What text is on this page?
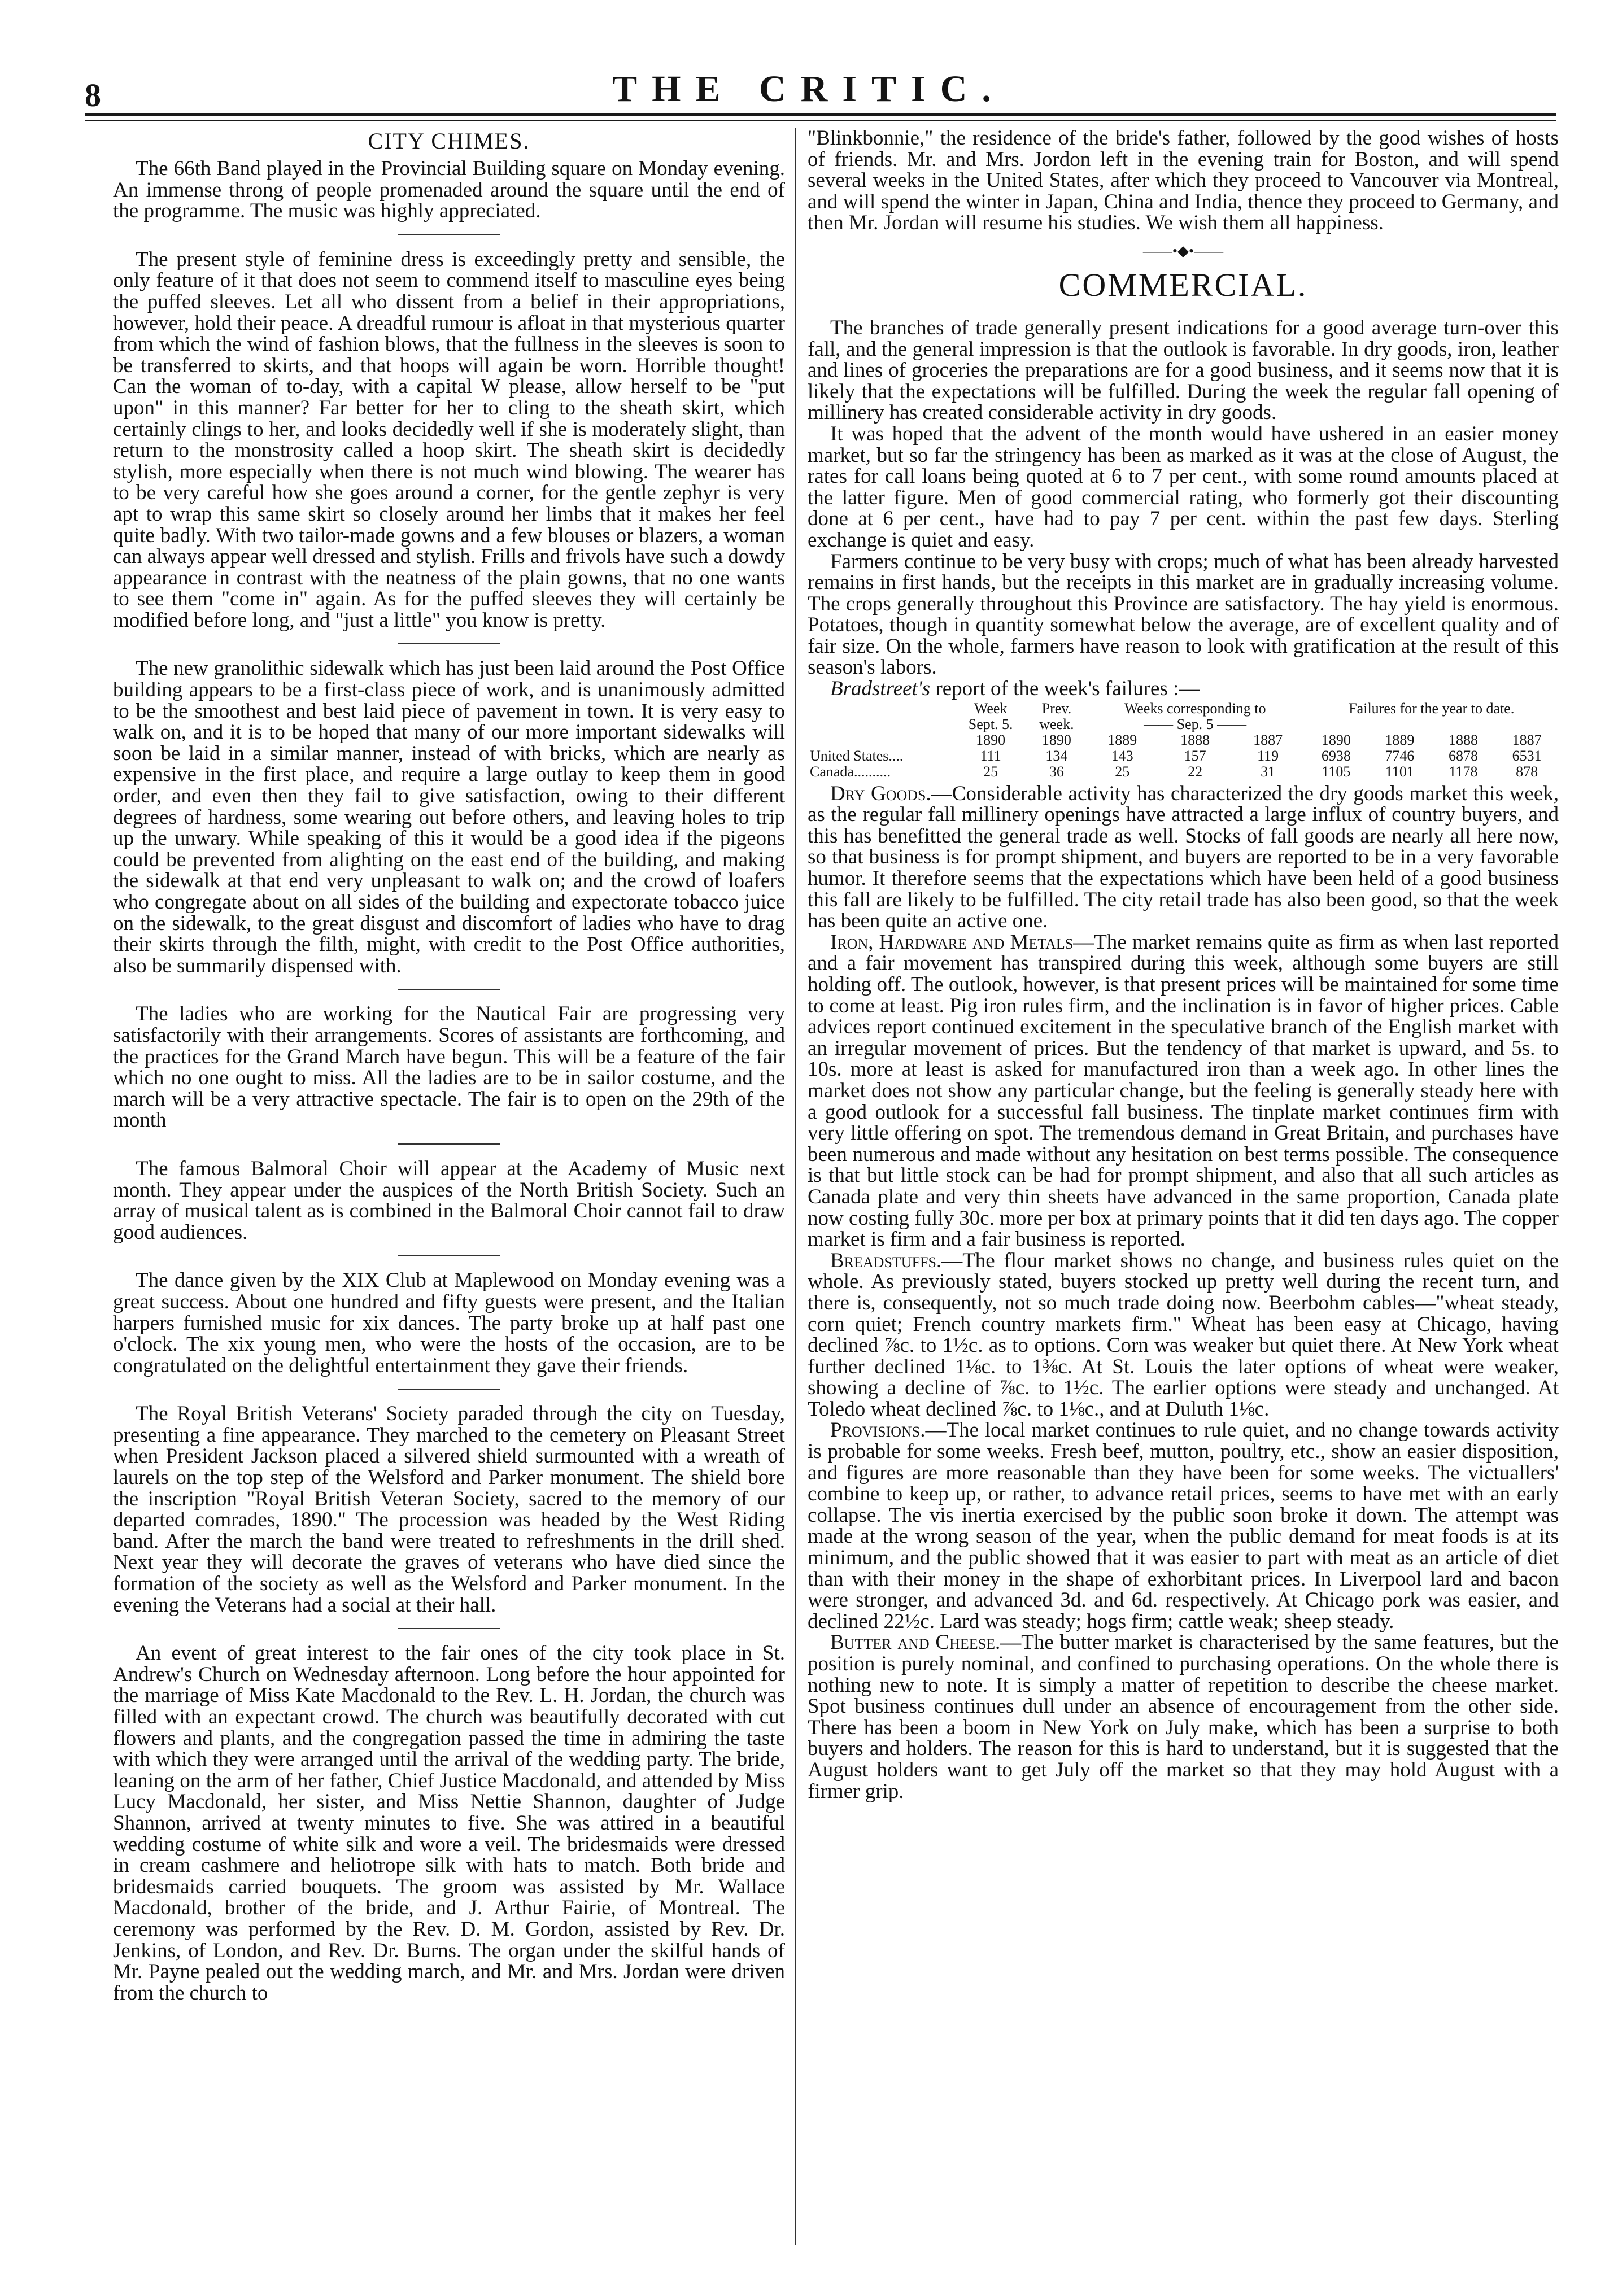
8	THE CRITIC.
CITY CHIMES.

The 66th Band played in the Provincial Building square on Monday evening. An immense throng of people promenaded around the square until the end of the programme. The music was highly appreciated.

The present style of feminine dress is exceedingly pretty and sensible, the only feature of it that does not seem to commend itself to masculine eyes being the puffed sleeves. Let all who dissent from a belief in their appropriations, however, hold their peace. A dreadful rumour is afloat in that mysterious quarter from which the wind of fashion blows, that the fullness in the sleeves is soon to be transferred to skirts, and that hoops will again be worn. Horrible thought! Can the woman of to-day, with a capital W please, allow herself to be "put upon" in this manner? Far better for her to cling to the sheath skirt, which certainly clings to her, and looks decidedly well if she is moderately slight, than return to the monstrosity called a hoop skirt. The sheath skirt is decidedly stylish, more especially when there is not much wind blowing. The wearer has to be very careful how she goes around a corner, for the gentle zephyr is very apt to wrap this same skirt so closely around her limbs that it makes her feel quite badly. With two tailor-made gowns and a few blouses or blazers, a woman can always appear well dressed and stylish. Frills and frivols have such a dowdy appearance in contrast with the neatness of the plain gowns, that no one wants to see them "come in" again. As for the puffed sleeves they will certainly be modified before long, and "just a little" you know is pretty.

The new granolithic sidewalk which has just been laid around the Post Office building appears to be a first-class piece of work, and is unanimously admitted to be the smoothest and best laid piece of pavement in town. It is very easy to walk on, and it is to be hoped that many of our more important sidewalks will soon be laid in a similar manner, instead of with bricks, which are nearly as expensive in the first place, and require a large outlay to keep them in good order, and even then they fail to give satisfaction, owing to their different degrees of hardness, some wearing out before others, and leaving holes to trip up the unwary. While speaking of this it would be a good idea if the pigeons could be prevented from alighting on the east end of the building, and making the sidewalk at that end very unpleasant to walk on; and the crowd of loafers who congregate about on all sides of the building and expectorate tobacco juice on the sidewalk, to the great disgust and discomfort of ladies who have to drag their skirts through the filth, might, with credit to the Post Office authorities, also be summarily dispensed with.

The ladies who are working for the Nautical Fair are progressing very satisfactorily with their arrangements. Scores of assistants are forthcoming, and the practices for the Grand March have begun. This will be a feature of the fair which no one ought to miss. All the ladies are to be in sailor costume, and the march will be a very attractive spectacle. The fair is to open on the 29th of the month

The famous Balmoral Choir will appear at the Academy of Music next month. They appear under the auspices of the North British Society. Such an array of musical talent as is combined in the Balmoral Choir cannot fail to draw good audiences.

The dance given by the XIX Club at Maplewood on Monday evening was a great success. About one hundred and fifty guests were present, and the Italian harpers furnished music for xix dances. The party broke up at half past one o'clock. The xix young men, who were the hosts of the occasion, are to be congratulated on the delightful entertainment they gave their friends.

The Royal British Veterans' Society paraded through the city on Tuesday, presenting a fine appearance. They marched to the cemetery on Pleasant Street when President Jackson placed a silvered shield surmounted with a wreath of laurels on the top step of the Welsford and Parker monument. The shield bore the inscription "Royal British Veteran Society, sacred to the memory of our departed comrades, 1890." The procession was headed by the West Riding band. After the march the band were treated to refreshments in the drill shed. Next year they will decorate the graves of veterans who have died since the formation of the society as well as the Welsford and Parker monument. In the evening the Veterans had a social at their hall.

An event of great interest to the fair ones of the city took place in St. Andrew's Church on Wednesday afternoon. Long before the hour appointed for the marriage of Miss Kate Macdonald to the Rev. L. H. Jordan, the church was filled with an expectant crowd. The church was beautifully decorated with cut flowers and plants, and the congregation passed the time in admiring the taste with which they were arranged until the arrival of the wedding party. The bride, leaning on the arm of her father, Chief Justice Macdonald, and attended by Miss Lucy Macdonald, her sister, and Miss Nettie Shannon, daughter of Judge Shannon, arrived at twenty minutes to five. She was attired in a beautiful wedding costume of white silk and wore a veil. The bridesmaids were dressed in cream cashmere and heliotrope silk with hats to match. Both bride and bridesmaids carried bouquets. The groom was assisted by Mr. Wallace Macdonald, brother of the bride, and J. Arthur Fairie, of Montreal. The ceremony was performed by the Rev. D. M. Gordon, assisted by Rev. Dr. Jenkins, of London, and Rev. Dr. Burns. The organ under the skilful hands of Mr. Payne pealed out the wedding march, and Mr. and Mrs. Jordan were driven from the church to

"Blinkbonnie," the residence of the bride's father, followed by the good wishes of hosts of friends. Mr. and Mrs. Jordon left in the evening train for Boston, and will spend several weeks in the United States, after which they proceed to Vancouver via Montreal, and will spend the winter in Japan, China and India, thence they proceed to Germany, and then Mr. Jordan will resume his studies. We wish them all happiness.

——•◆•——
COMMERCIAL.

The branches of trade generally present indications for a good average turn-over this fall, and the general impression is that the outlook is favorable. In dry goods, iron, leather and lines of groceries the preparations are for a good business, and it seems now that it is likely that the expectations will be fulfilled. During the week the regular fall opening of millinery has created considerable activity in dry goods.

It was hoped that the advent of the month would have ushered in an easier money market, but so far the stringency has been as marked as it was at the close of August, the rates for call loans being quoted at 6 to 7 per cent., with some round amounts placed at the latter figure. Men of good commercial rating, who formerly got their discounting done at 6 per cent., have had to pay 7 per cent. within the past few days. Sterling exchange is quiet and easy.

Farmers continue to be very busy with crops; much of what has been already harvested remains in first hands, but the receipts in this market are in gradually increasing volume. The crops generally throughout this Province are satisfactory. The hay yield is enormous. Potatoes, though in quantity somewhat below the average, are of excellent quality and of fair size. On the whole, farmers have reason to look with gratification at the result of this season's labors.

Bradstreet's report of the week's failures :—

	Week	Prev.	Weeks corresponding to			Failures for the year to date.			
	Sept. 5.	week.	—— Sep. 5 ——						
	1890	1890	1889	1888	1887	1890	1889	1888	1887
United States....	111	134	143	157	119	6938	7746	6878	6531
Canada..........	25	36	25	22	31	1105	1101	1178	878

Dry Goods.—Considerable activity has characterized the dry goods market this week, as the regular fall millinery openings have attracted a large influx of country buyers, and this has benefitted the general trade as well. Stocks of fall goods are nearly all here now, so that business is for prompt shipment, and buyers are reported to be in a very favorable humor. It therefore seems that the expectations which have been held of a good business this fall are likely to be fulfilled. The city retail trade has also been good, so that the week has been quite an active one.

Iron, Hardware and Metals—The market remains quite as firm as when last reported and a fair movement has transpired during this week, although some buyers are still holding off. The outlook, however, is that present prices will be maintained for some time to come at least. Pig iron rules firm, and the inclination is in favor of higher prices. Cable advices report continued excitement in the speculative branch of the English market with an irregular movement of prices. But the tendency of that market is upward, and 5s. to 10s. more at least is asked for manufactured iron than a week ago. In other lines the market does not show any particular change, but the feeling is generally steady here with a good outlook for a successful fall business. The tinplate market continues firm with very little offering on spot. The tremendous demand in Great Britain, and purchases have been numerous and made without any hesitation on best terms possible. The consequence is that but little stock can be had for prompt shipment, and also that all such articles as Canada plate and very thin sheets have advanced in the same proportion, Canada plate now costing fully 30c. more per box at primary points that it did ten days ago. The copper market is firm and a fair business is reported.

Breadstuffs.—The flour market shows no change, and business rules quiet on the whole. As previously stated, buyers stocked up pretty well during the recent turn, and there is, consequently, not so much trade doing now. Beerbohm cables—"wheat steady, corn quiet; French country markets firm." Wheat has been easy at Chicago, having declined ⅞c. to 1½c. as to options. Corn was weaker but quiet there. At New York wheat further declined 1⅛c. to 1⅜c. At St. Louis the later options of wheat were weaker, showing a decline of ⅞c. to 1½c. The earlier options were steady and unchanged. At Toledo wheat declined ⅞c. to 1⅛c., and at Duluth 1⅛c.

Provisions.—The local market continues to rule quiet, and no change towards activity is probable for some weeks. Fresh beef, mutton, poultry, etc., show an easier disposition, and figures are more reasonable than they have been for some weeks. The victuallers' combine to keep up, or rather, to advance retail prices, seems to have met with an early collapse. The vis inertia exercised by the public soon broke it down. The attempt was made at the wrong season of the year, when the public demand for meat foods is at its minimum, and the public showed that it was easier to part with meat as an article of diet than with their money in the shape of exhorbitant prices. In Liverpool lard and bacon were stronger, and advanced 3d. and 6d. respectively. At Chicago pork was easier, and declined 22½c. Lard was steady; hogs firm; cattle weak; sheep steady.

Butter and Cheese.—The butter market is characterised by the same features, but the position is purely nominal, and confined to purchasing operations. On the whole there is nothing new to note. It is simply a matter of repetition to describe the cheese market. Spot business continues dull under an absence of encouragement from the other side. There has been a boom in New York on July make, which has been a surprise to both buyers and holders. The reason for this is hard to understand, but it is suggested that the August holders want to get July off the market so that they may hold August with a firmer grip.
